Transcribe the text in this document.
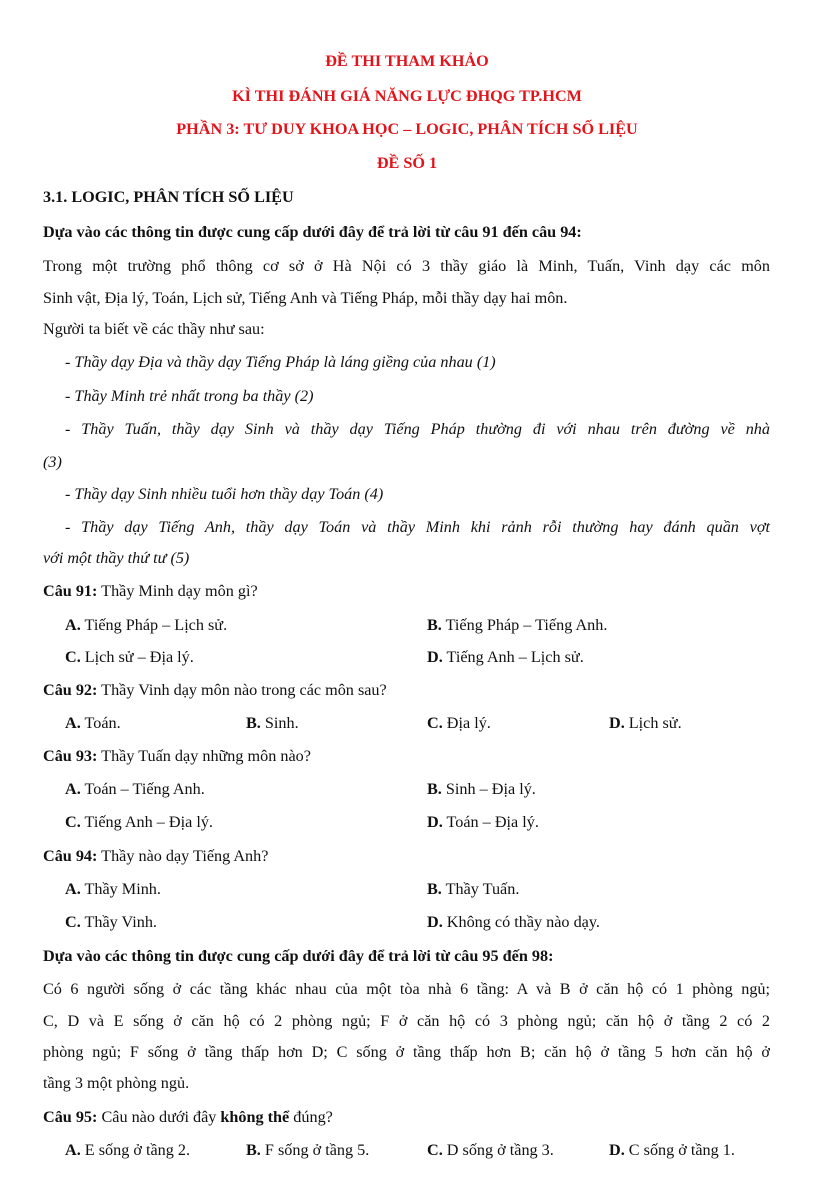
ĐỀ THI THAM KHẢO
KÌ THI ĐÁNH GIÁ NĂNG LỰC ĐHQG TP.HCM
PHẦN 3: TƯ DUY KHOA HỌC – LOGIC, PHÂN TÍCH SỐ LIỆU
ĐỀ SỐ 1
3.1. LOGIC, PHÂN TÍCH SỐ LIỆU
Dựa vào các thông tin được cung cấp dưới đây để trả lời từ câu 91 đến câu 94:
Trong một trường phổ thông cơ sở ở Hà Nội có 3 thầy giáo là Minh, Tuấn, Vinh dạy các môn
Sinh vật, Địa lý, Toán, Lịch sử, Tiếng Anh và Tiếng Pháp, mỗi thầy dạy hai môn.
Người ta biết về các thầy như sau:
- Thầy dạy Địa và thầy dạy Tiếng Pháp là láng giềng của nhau (1)
- Thầy Minh trẻ nhất trong ba thầy (2)
- Thầy Tuấn, thầy dạy Sinh và thầy dạy Tiếng Pháp thường đi với nhau trên đường về nhà
(3)
- Thầy dạy Sinh nhiều tuổi hơn thầy dạy Toán (4)
- Thầy dạy Tiếng Anh, thầy dạy Toán và thầy Minh khi rảnh rỗi thường hay đánh quần vợt
với một thầy thứ tư (5)
Câu 91: Thầy Minh dạy môn gì?
A. Tiếng Pháp – Lịch sử.	B. Tiếng Pháp – Tiếng Anh.
C. Lịch sử – Địa lý.	D. Tiếng Anh – Lịch sử.
Câu 92: Thầy Vinh dạy môn nào trong các môn sau?
A. Toán.	B. Sinh.	C. Địa lý.	D. Lịch sử.
Câu 93: Thầy Tuấn dạy những môn nào?
A. Toán – Tiếng Anh.	B. Sinh – Địa lý.
C. Tiếng Anh – Địa lý.	D. Toán – Địa lý.
Câu 94: Thầy nào dạy Tiếng Anh?
A. Thầy Minh.	B. Thầy Tuấn.
C. Thầy Vinh.	D. Không có thầy nào dạy.
Dựa vào các thông tin được cung cấp dưới đây để trả lời từ câu 95 đến 98:
Có 6 người sống ở các tầng khác nhau của một tòa nhà 6 tầng: A và B ở căn hộ có 1 phòng ngủ;
C, D và E sống ở căn hộ có 2 phòng ngủ; F ở căn hộ có 3 phòng ngủ; căn hộ ở tầng 2 có 2
phòng ngủ; F sống ở tầng thấp hơn D; C sống ở tầng thấp hơn B; căn hộ ở tầng 5 hơn căn hộ ở
tầng 3 một phòng ngủ.
Câu 95: Câu nào dưới đây không thể đúng?
A. E sống ở tầng 2.	B. F sống ở tầng 5.	C. D sống ở tầng 3.	D. C sống ở tầng 1.
